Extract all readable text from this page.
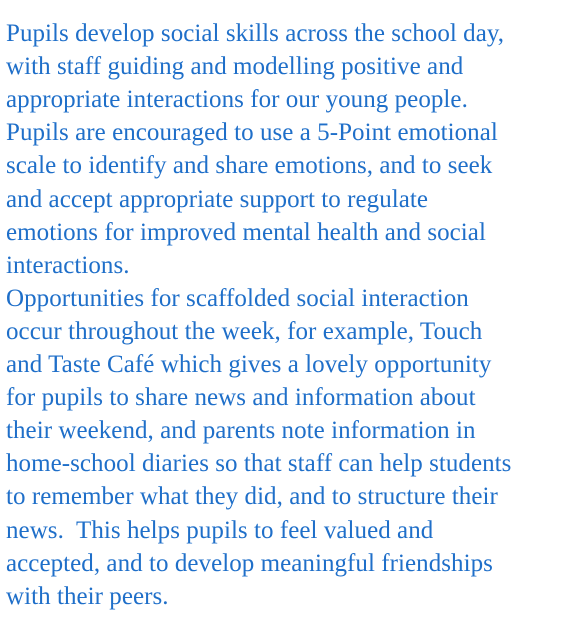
Pupils develop social skills across the school day,
with staff guiding and modelling positive and
appropriate interactions for our young people.
Pupils are encouraged to use a 5-Point emotional
scale to identify and share emotions, and to seek
and accept appropriate support to regulate
emotions for improved mental health and social
interactions.
Opportunities for scaffolded social interaction
occur throughout the week, for example, Touch
and Taste Café which gives a lovely opportunity
for pupils to share news and information about
their weekend, and parents note information in
home-school diaries so that staff can help students
to remember what they did, and to structure their
news.  This helps pupils to feel valued and
accepted, and to develop meaningful friendships
with their peers.
